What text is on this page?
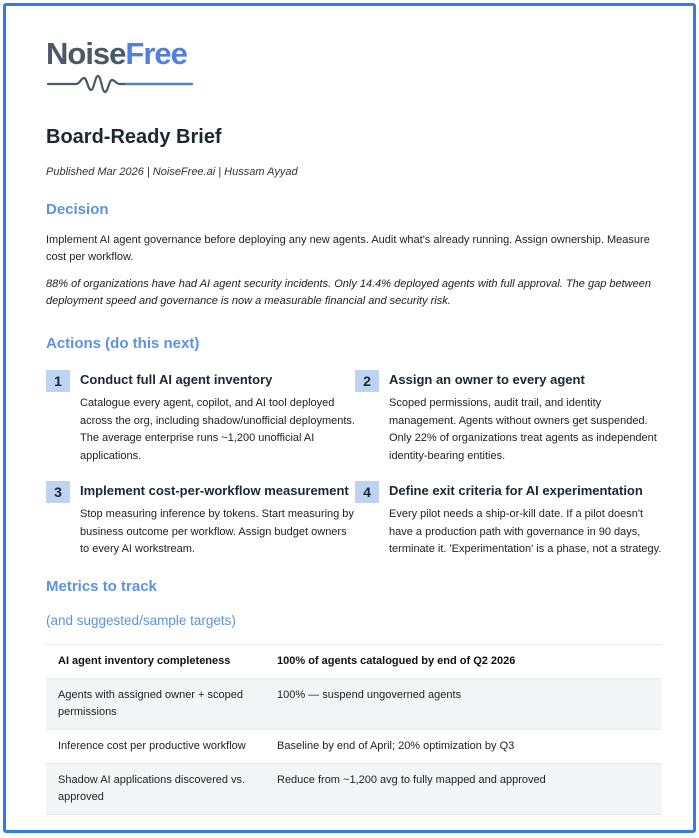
NoiseFree
Board-Ready Brief
Published Mar 2026 | NoiseFree.ai | Hussam Ayyad
Decision

Implement AI agent governance before deploying any new agents. Audit what's already running. Assign ownership. Measure cost per workflow.

88% of organizations have had AI agent security incidents. Only 14.4% deployed agents with full approval. The gap between deployment speed and governance is now a measurable financial and security risk.

Actions (do this next)
1	Conduct full AI agent inventory
Catalogue every agent, copilot, and AI tool deployed across the org, including shadow/unofficial deployments. The average enterprise runs ~1,200 unofficial AI applications.
2	Assign an owner to every agent
Scoped permissions, audit trail, and identity management. Agents without owners get suspended. Only 22% of organizations treat agents as independent identity-bearing entities.
3	Implement cost-per-workflow measurement
Stop measuring inference by tokens. Start measuring by business outcome per workflow. Assign budget owners to every AI workstream.
4	Define exit criteria for AI experimentation
Every pilot needs a ship-or-kill date. If a pilot doesn't have a production path with governance in 90 days, terminate it. 'Experimentation' is a phase, not a strategy.
Metrics to track
(and suggested/sample targets)
AI agent inventory completeness	100% of agents catalogued by end of Q2 2026
Agents with assigned owner + scoped permissions	100% — suspend ungoverned agents
Inference cost per productive workflow	Baseline by end of April; 20% optimization by Q3
Shadow AI applications discovered vs. approved	Reduce from ~1,200 avg to fully mapped and approved
